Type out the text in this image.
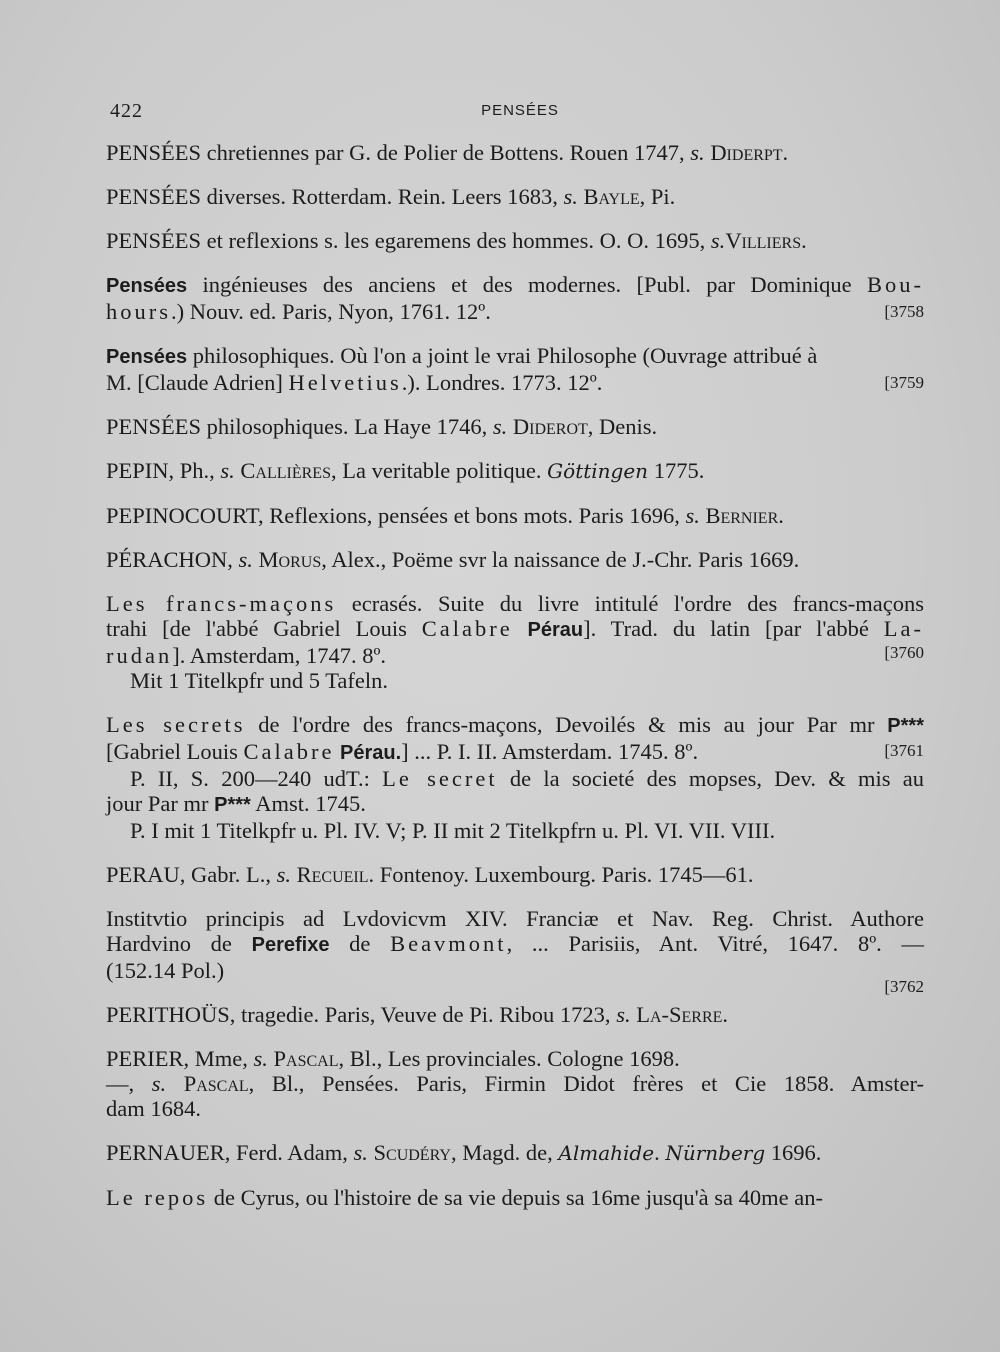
422	PENSÉES
PENSÉES chretiennes par G. de Polier de Bottens. Rouen 1747, s. Diderpt.
PENSÉES diverses. Rotterdam. Rein. Leers 1683, s. Bayle, Pi.
PENSÉES et reflexions s. les egaremens des hommes. O. O. 1695, s.Villiers.
Pensées ingénieuses des anciens et des modernes. [Publ. par Dominique Bou-
hours.) Nouv. ed. Paris, Nyon, 1761. 12º.	[3758
Pensées philosophiques. Où l'on a joint le vrai Philosophe (Ouvrage attribué à
M. [Claude Adrien] Helvetius.). Londres. 1773. 12º.	[3759
PENSÉES philosophiques. La Haye 1746, s. Diderot, Denis.
PEPIN, Ph., s. Callières, La veritable politique. Göttingen 1775.
PEPINOCOURT, Reflexions, pensées et bons mots. Paris 1696, s. Bernier.
PÉRACHON, s. Morus, Alex., Poëme svr la naissance de J.-Chr. Paris 1669.
Les francs-maçons ecrasés. Suite du livre intitulé l'ordre des francs-maçons
trahi [de l'abbé Gabriel Louis Calabre Pérau]. Trad. du latin [par l'abbé La-
rudan]. Amsterdam, 1747. 8º.
Mit 1 Titelkpfr und 5 Tafeln.
[3760
Les secrets de l'ordre des francs-maçons, Devoilés & mis au jour Par mr P***
[Gabriel Louis Calabre Pérau.] ... P. I. II. Amsterdam. 1745. 8º.
P. II, S. 200—240 udT.: Le secret de la societé des mopses, Dev. & mis au
jour Par mr P*** Amst. 1745.
P. I mit 1 Titelkpfr u. Pl. IV. V; P. II mit 2 Titelkpfrn u. Pl. VI. VII. VIII.
[3761
PERAU, Gabr. L., s. Recueil. Fontenoy. Luxembourg. Paris. 1745—61.
Institvtio principis ad Lvdovicvm XIV. Franciæ et Nav. Reg. Christ. Authore
Hardvino de Perefixe de Beavmont, ... Parisiis, Ant. Vitré, 1647. 8º. —
(152.14 Pol.)
[3762
PERITHOÜS, tragedie. Paris, Veuve de Pi. Ribou 1723, s. La-Serre.
PERIER, Mme, s. Pascal, Bl., Les provinciales. Cologne 1698.
—, s. Pascal, Bl., Pensées. Paris, Firmin Didot frères et Cie 1858. Amster-
dam 1684.
PERNAUER, Ferd. Adam, s. Scudéry, Magd. de, Almahide. Nürnberg 1696.
Le repos de Cyrus, ou l'histoire de sa vie depuis sa 16me jusqu'à sa 40me an-
